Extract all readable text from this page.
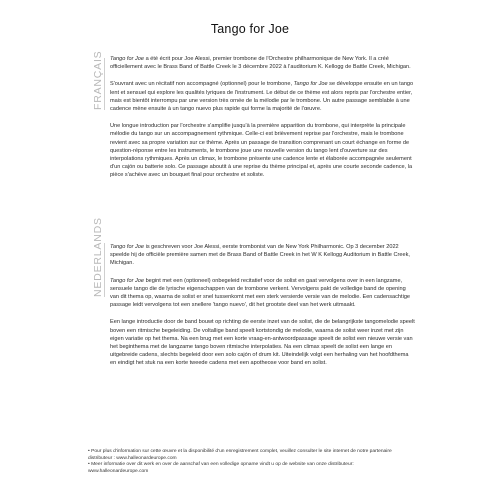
Tango for Joe
FRANÇAIS Tango for Joe a été écrit pour Joe Alessi, premier trombone de l'Orchestre philharmonique de New York. Il a créé officiellement avec le Brass Band of Battle Creek le 3 décembre 2022 à l'auditorium K. Kellogg de Battle Creek, Michigan.

S'ouvrant avec un récitatif non accompagné (optionnel) pour le trombone, Tango for Joe se développe ensuite en un tango lent et sensuel qui explore les qualités lyriques de l'instrument. Le début de ce thème est alors repris par l'orchestre entier, mais est bientôt interrompu par une version très ornée de la mélodie par le trombone. Un autre passage semblable à une cadence mène ensuite à un tango nuevo plus rapide qui forme la majorité de l'œuvre.

Une longue introduction par l'orchestre s'amplifie jusqu'à la première apparition du trombone, qui interprète la principale mélodie du tango sur un accompagnement rythmique. Celle-ci est brièvement reprise par l'orchestre, mais le trombone revient avec sa propre variation sur ce thème. Après un passage de transition comprenant un court échange en forme de question-réponse entre les instruments, le trombone joue une nouvelle version du tango lent d'ouverture sur des interpolations rythmiques. Après un climax, le trombone présente une cadence lente et élaborée accompagnée seulement d'un cajón ou batterie solo. Ce passage aboutit à une reprise du thème principal et, après une courte seconde cadence, la pièce s'achève avec un bouquet final pour orchestre et soliste.

NEDERLANDS Tango for Joe is geschreven voor Joe Alessi, eerste trombonist van de New York Philharmonic. Op 3 december 2022 speelde hij de officiële première samen met de Brass Band of Battle Creek in het W K Kellogg Auditorium in Battle Creek, Michigan.

Tango for Joe begint met een (optioneel) onbegeleid recitatief voor de solist en gaat vervolgens over in een langzame, sensuele tango die de lyrische eigenschappen van de trombone verkent. Vervolgens pakt de volledige band de opening van dit thema op, waarna de solist er snel tussenkomt met een sterk versierde versie van de melodie. Een cadensachtige passage leidt vervolgens tot een snellere 'tango nuevo', dit het grootste deel van het werk uitmaakt.

Een lange introductie door de band bouwt op richting de eerste inzet van de solist, die de belangrijkste tangomelodie speelt boven een ritmische begeleiding. De voltallige band speelt kortstondig de melodie, waarna de solist weer inzet met zijn eigen variatie op het thema. Na een brug met een korte vraag-en-antwoordpassage speelt de solist een nieuwe versie van het beginthema met de langzame tango boven ritmische interpolaties. Na een climax speelt de solist een lange en uitgebreide cadens, slechts begeleid door een solo cajón of drum kit. Uiteindelijk volgt een herhaling van het hoofdthema en eindigt het stuk na een korte tweede cadens met een apotheose voor band en solist.

• Pour plus d'information sur cette œuvre et la disponibilité d'un enregistrement complet, veuillez consulter le site internet de notre partenaire

distributeur : www.halleonardeurope.com

• Meer informatie over dit werk en over de aanschaf van een volledige opname vindt u op de website van onze distributeur:

www.halleonardeurope.com
